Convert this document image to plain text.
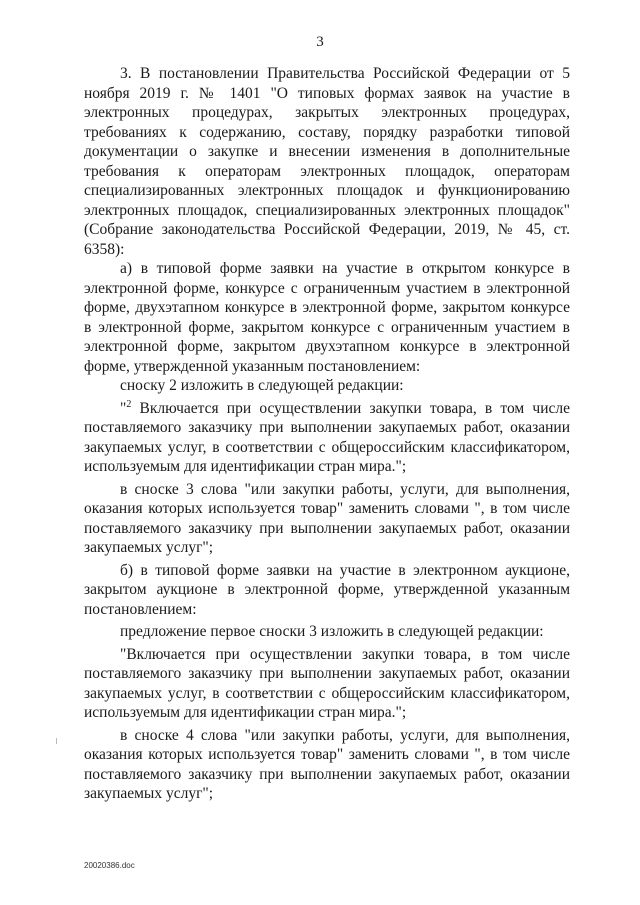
3

3. В постановлении Правительства Российской Федерации от 5 ноября 2019 г. № 1401 "О типовых формах заявок на участие в электронных процедурах, закрытых электронных процедурах, требованиях к содержанию, составу, порядку разработки типовой документации о закупке и внесении изменения в дополнительные требования к операторам электронных площадок, операторам специализированных электронных площадок и функционированию электронных площадок, специализированных электронных площадок" (Собрание законодательства Российской Федерации, 2019, № 45, ст. 6358):

а) в типовой форме заявки на участие в открытом конкурсе в электронной форме, конкурсе с ограниченным участием в электронной форме, двухэтапном конкурсе в электронной форме, закрытом конкурсе в электронной форме, закрытом конкурсе с ограниченным участием в электронной форме, закрытом двухэтапном конкурсе в электронной форме, утвержденной указанным постановлением:

сноску 2 изложить в следующей редакции:

"$^2$ Включается при осуществлении закупки товара, в том числе поставляемого заказчику при выполнении закупаемых работ, оказании закупаемых услуг, в соответствии с общероссийским классификатором, используемым для идентификации стран мира.";

в сноске 3 слова "или закупки работы, услуги, для выполнения, оказания которых используется товар" заменить словами ", в том числе поставляемого заказчику при выполнении закупаемых работ, оказании закупаемых услуг";

б) в типовой форме заявки на участие в электронном аукционе, закрытом аукционе в электронной форме, утвержденной указанным постановлением:

предложение первое сноски 3 изложить в следующей редакции:

"Включается при осуществлении закупки товара, в том числе поставляемого заказчику при выполнении закупаемых работ, оказании закупаемых услуг, в соответствии с общероссийским классификатором, используемым для идентификации стран мира.";

в сноске 4 слова "или закупки работы, услуги, для выполнения, оказания которых используется товар" заменить словами ", в том числе поставляемого заказчику при выполнении закупаемых работ, оказании закупаемых услуг";

20020386.doc
